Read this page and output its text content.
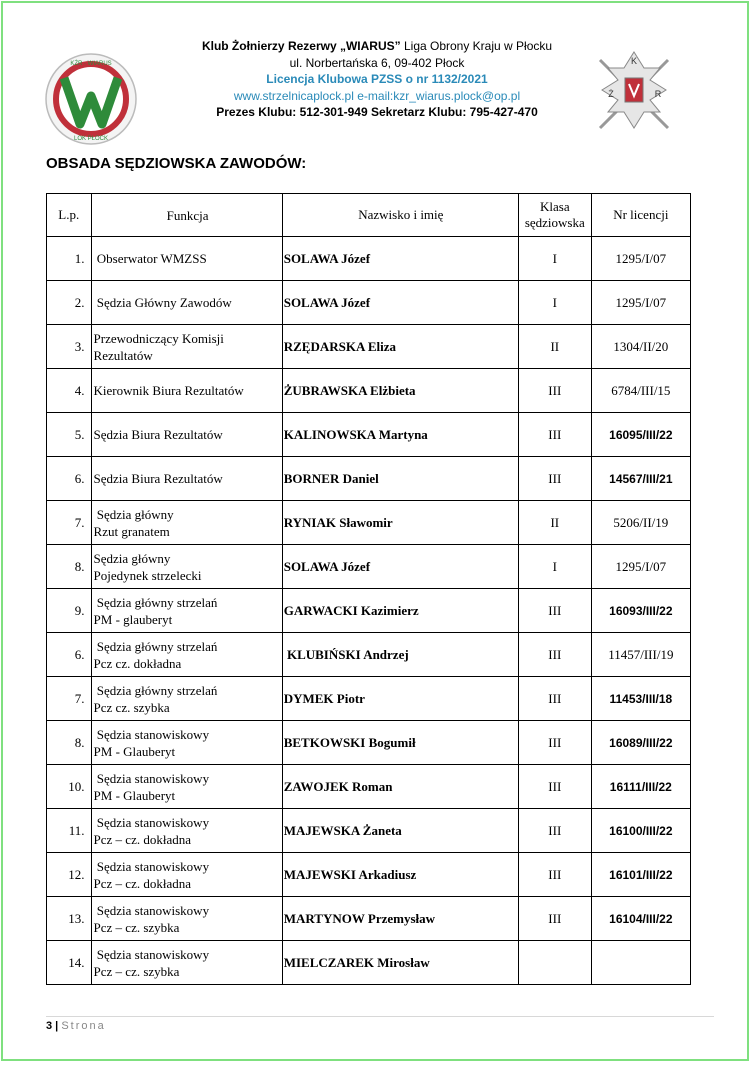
KŻR · WIARUS
LOK PŁOCK
Klub Żołnierzy Rezerwy „WIARUS” Liga Obrony Kraju w Płocku
ul. Norbertańska 6, 09-402 Płock
Licencja Klubowa PZSS o nr 1132/2021
www.strzelnicaplock.pl e-mail:kzr_wiarus.plock@op.pl
Prezes Klubu: 512-301-949 Sekretarz Klubu: 795-427-470
K
Ż	R
OBSADA SĘDZIOWSKA ZAWODÓW:
L.p.	Funkcja	Nazwisko i imię	Klasa
sędziowska	Nr licencji
1.	Obserwator WMZSS	SOLAWA Józef	I	1295/I/07
2.	Sędzia Główny Zawodów	SOLAWA Józef	I	1295/I/07
3.	Przewodniczący Komisji
Rezultatów	RZĘDARSKA Eliza	II	1304/II/20
4.	Kierownik Biura Rezultatów	ŻUBRAWSKA Elżbieta	III	6784/III/15
5.	Sędzia Biura Rezultatów	KALINOWSKA Martyna	III	16095/III/22
6.	Sędzia Biura Rezultatów	BORNER Daniel	III	14567/III/21
7.	Sędzia główny
Rzut granatem	RYNIAK Sławomir	II	5206/II/19
8.	Sędzia główny
Pojedynek strzelecki	SOLAWA Józef	I	1295/I/07
9.	Sędzia główny strzelań
PM - glauberyt	GARWACKI Kazimierz	III	16093/III/22
6.	Sędzia główny strzelań
Pcz cz. dokładna	KLUBIŃSKI Andrzej	III	11457/III/19
7.	Sędzia główny strzelań
Pcz cz. szybka	DYMEK Piotr	III	11453/III/18
8.	Sędzia stanowiskowy
PM - Glauberyt	BETKOWSKI Bogumił	III	16089/III/22
10.	Sędzia stanowiskowy
PM - Glauberyt	ZAWOJEK Roman	III	16111/III/22
11.	Sędzia stanowiskowy
Pcz – cz. dokładna	MAJEWSKA Żaneta	III	16100/III/22
12.	Sędzia stanowiskowy
Pcz – cz. dokładna	MAJEWSKI Arkadiusz	III	16101/III/22
13.	Sędzia stanowiskowy
Pcz – cz. szybka	MARTYNOW Przemysław	III	16104/III/22
14.	Sędzia stanowiskowy
Pcz – cz. szybka	MIELCZAREK Mirosław		
3 | Strona
